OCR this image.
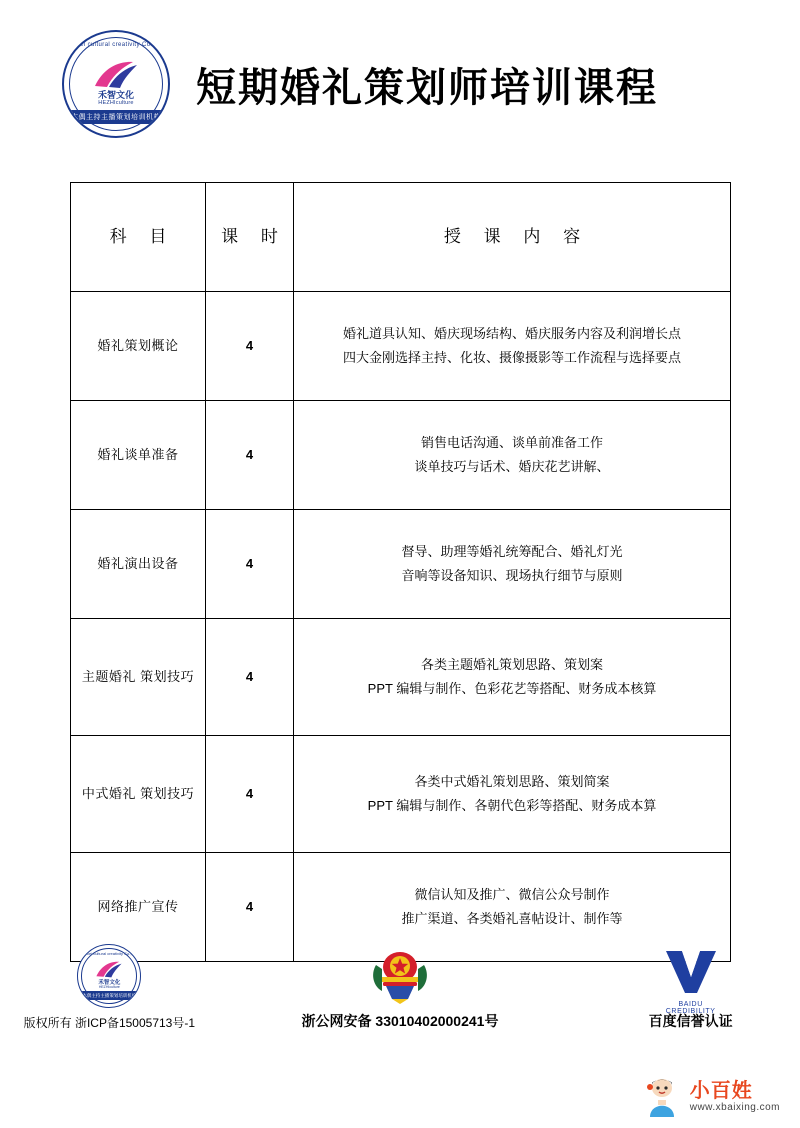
Hebei cultural creativity Co.,Ltd
禾智文化
HEZHIculture
木偶主持主播策划培训机构
短期婚礼策划师培训课程
科 目	课 时	授 课 内 容
婚礼策划概论	4	婚礼道具认知、婚庆现场结构、婚庆服务内容及利润增长点
四大金刚选择主持、化妆、摄像摄影等工作流程与选择要点

婚礼谈单准备	4	销售电话沟通、谈单前准备工作
谈单技巧与话术、婚庆花艺讲解、

婚礼演出设备	4	督导、助理等婚礼统筹配合、婚礼灯光
音响等设备知识、现场执行细节与原则

主题婚礼 策划技巧	4	各类主题婚礼策划思路、策划案
PPT 编辑与制作、色彩花艺等搭配、财务成本核算

中式婚礼 策划技巧	4	各类中式婚礼策划思路、策划简案
PPT 编辑与制作、各朝代色彩等搭配、财务成本算

网络推广宣传	4	微信认知及推广、微信公众号制作
推广渠道、各类婚礼喜帖设计、制作等
Hebei cultural creativity Co.,Ltd
禾智文化
HEZHIculture
木偶主持主播策划培训机构
版权所有 浙ICP备15005713号-1	浙公网安备 33010402000241号
BAIDU CREDIBILITY
百度信誉认证
小百姓
www.xbaixing.com
